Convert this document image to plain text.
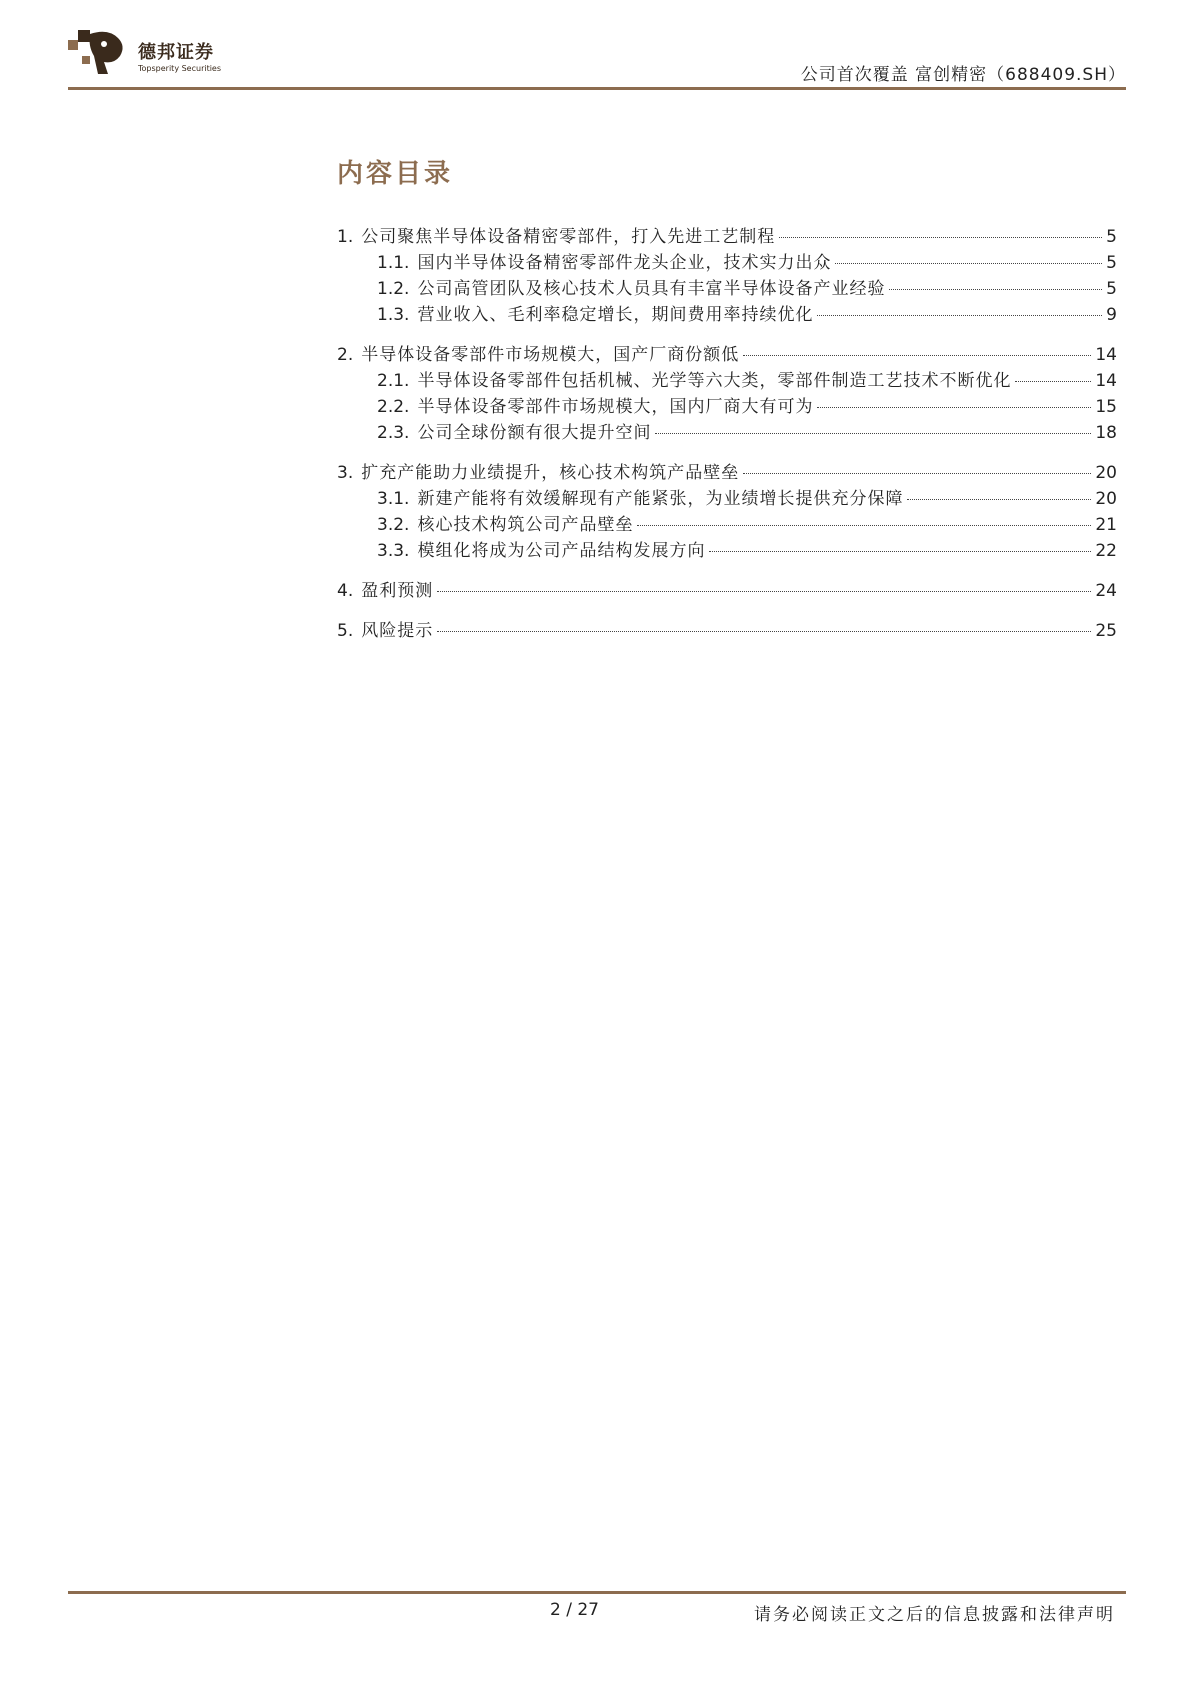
德邦证券
Topsperity Securities	公司首次覆盖 富创精密（688409.SH）
内容目录
1. 公司聚焦半导体设备精密零部件，打入先进工艺制程	5
1.1. 国内半导体设备精密零部件龙头企业，技术实力出众	5
1.2. 公司高管团队及核心技术人员具有丰富半导体设备产业经验	5
1.3. 营业收入、毛利率稳定增长，期间费用率持续优化	9
2. 半导体设备零部件市场规模大，国产厂商份额低	14
2.1. 半导体设备零部件包括机械、光学等六大类，零部件制造工艺技术不断优化	14
2.2. 半导体设备零部件市场规模大，国内厂商大有可为	15
2.3. 公司全球份额有很大提升空间	18
3. 扩充产能助力业绩提升，核心技术构筑产品壁垒	20
3.1. 新建产能将有效缓解现有产能紧张，为业绩增长提供充分保障	20
3.2. 核心技术构筑公司产品壁垒	21
3.3. 模组化将成为公司产品结构发展方向	22
4. 盈利预测	24
5. 风险提示	25
2 / 27	请务必阅读正文之后的信息披露和法律声明
